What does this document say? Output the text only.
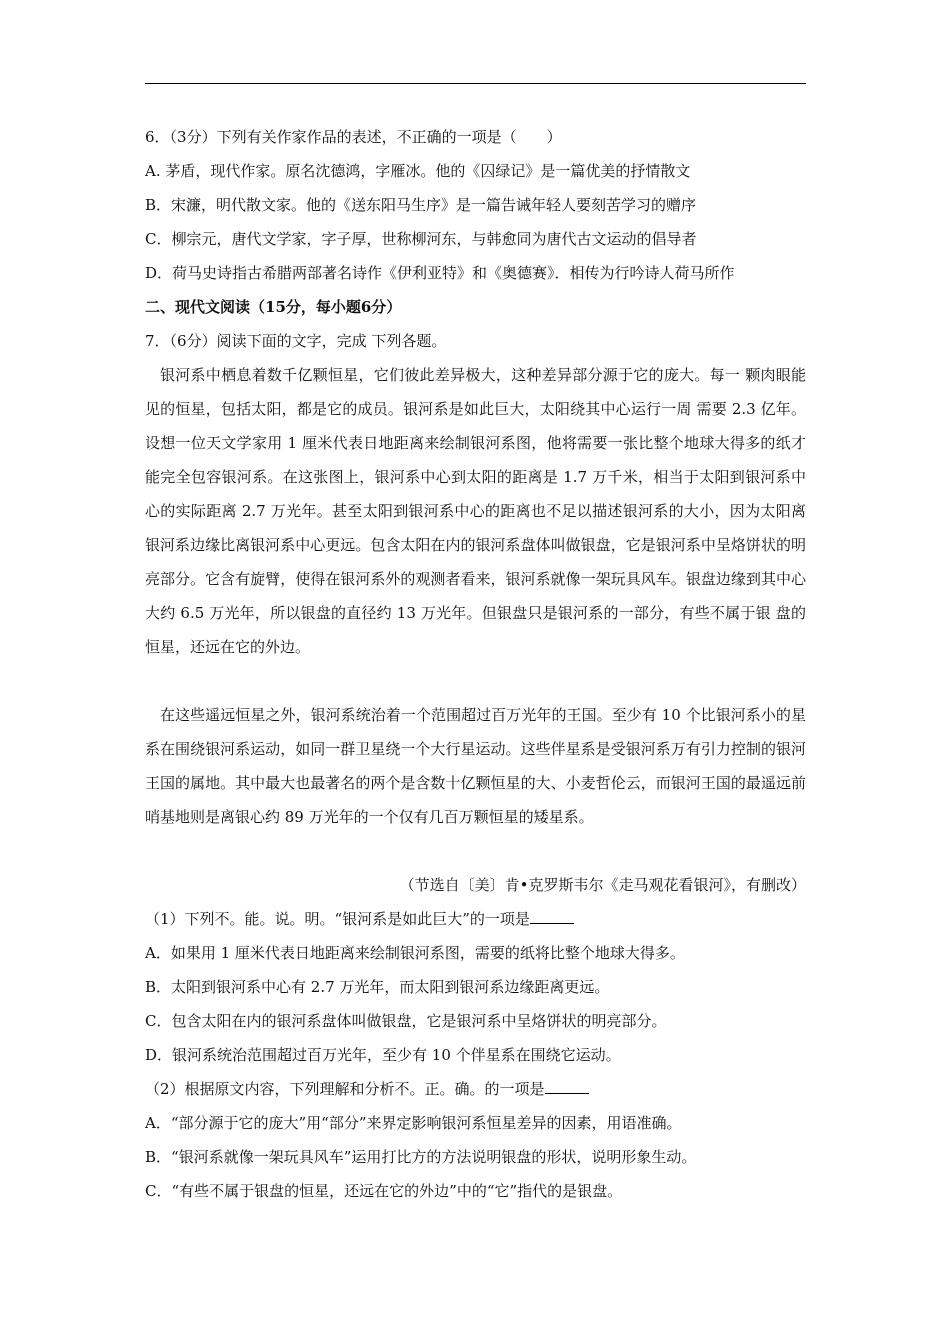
6．（3分）下列有关作家作品的表述，不正确的一项是（　　）
A. 茅盾，现代作家。原名沈德鸿，字雁冰。他的《囚绿记》是一篇优美的抒情散文
B．宋濂，明代散文家。他的《送东阳马生序》是一篇告诫年轻人要刻苦学习的赠序
C．柳宗元，唐代文学家，字子厚，世称柳河东，与韩愈同为唐代古文运动的倡导者
D．荷马史诗指古希腊两部著名诗作《伊利亚特》和《奥德赛》．相传为行吟诗人荷马所作
二、现代文阅读（15分，每小题6分）
7．（6分）阅读下面的文字，完成 下列各题。

银河系中栖息着数千亿颗恒星，它们彼此差异极大，这种差异部分源于它的庞大。每一 颗肉眼能见的恒星，包括太阳，都是它的成员。银河系是如此巨大，太阳绕其中心运行一周 需要 2.3 亿年。设想一位天文学家用 1 厘米代表日地距离来绘制银河系图，他将需要一张比整个地球大得多的纸才能完全包容银河系。在这张图上，银河系中心到太阳的距离是 1.7 万千米，相当于太阳到银河系中心的实际距离 2.7 万光年。甚至太阳到银河系中心的距离也不足以描述银河系的大小，因为太阳离银河系边缘比离银河系中心更远。包含太阳在内的银河系盘体叫做银盘，它是银河系中呈烙饼状的明亮部分。它含有旋臂，使得在银河系外的观测者看来，银河系就像一架玩具风车。银盘边缘到其中心 大约 6.5 万光年，所以银盘的直径约 13 万光年。但银盘只是银河系的一部分，有些不属于银 盘的恒星，还远在它的外边。

在这些遥远恒星之外，银河系统治着一个范围超过百万光年的王国。至少有 10 个比银河系小的星系在围绕银河系运动，如同一群卫星绕一个大行星运动。这些伴星系是受银河系万有引力控制的银河王国的属地。其中最大也最著名的两个是含数十亿颗恒星的大、小麦哲伦云，而银河王国的最遥远前哨基地则是离银心约 89 万光年的一个仅有几百万颗恒星的矮星系。

（节选自〔美〕肯•克罗斯韦尔《走马观花看银河》，有删改）
（1）下列不。能。说。明。“银河系是如此巨大”的一项是
A．如果用 1 厘米代表日地距离来绘制银河系图，需要的纸将比整个地球大得多。
B．太阳到银河系中心有 2.7 万光年，而太阳到银河系边缘距离更远。
C．包含太阳在内的银河系盘体叫做银盘，它是银河系中呈烙饼状的明亮部分。
D．银河系统治范围超过百万光年，至少有 10 个伴星系在围绕它运动。
（2）根据原文内容，下列理解和分析不。正。确。的一项是
A．“部分源于它的庞大”用“部分”来界定影响银河系恒星差异的因素，用语准确。
B．“银河系就像一架玩具风车”运用打比方的方法说明银盘的形状，说明形象生动。
C．“有些不属于银盘的恒星，还远在它的外边”中的“它”指代的是银盘。
